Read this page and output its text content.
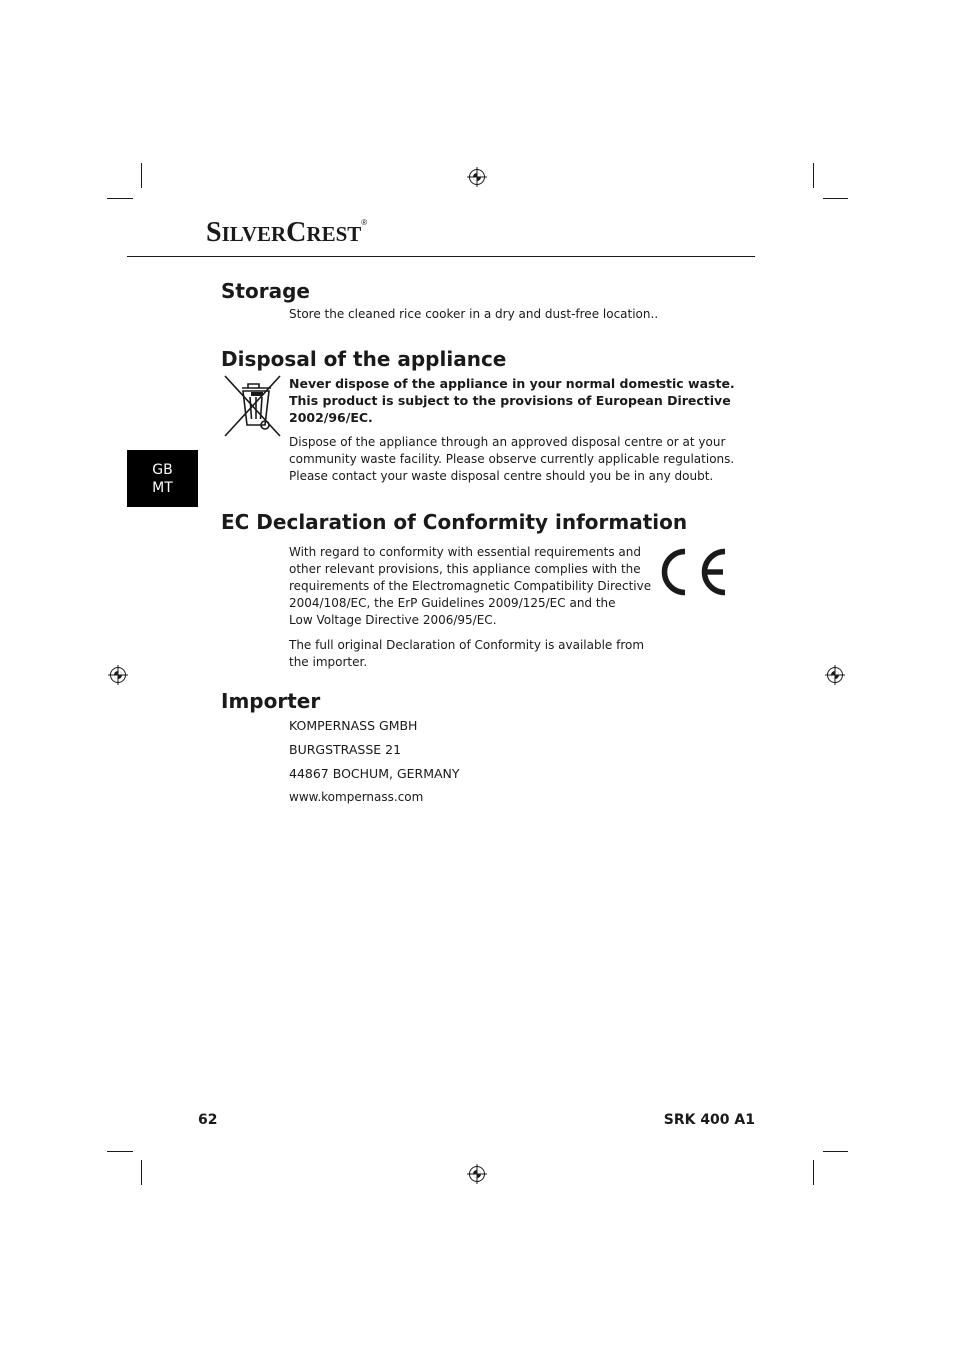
SILVERCREST®
GB
MT
Storage
Store the cleaned rice cooker in a dry and dust-free location..
Disposal of the appliance
Never dispose of the appliance in your normal domestic waste.
This product is subject to the provisions of European Directive
2002/96/EC.
Dispose of the appliance through an approved disposal centre or at your
community waste facility. Please observe currently applicable regulations.
Please contact your waste disposal centre should you be in any doubt.
EC Declaration of Conformity information
With regard to conformity with essential requirements and
other relevant provisions, this appliance complies with the
requirements of the Electromagnetic Compatibility Directive
2004/108/EC, the ErP Guidelines 2009/125/EC and the
Low Voltage Directive 2006/95/EC.
The full original Declaration of Conformity is available from
the importer.
Importer
KOMPERNASS GMBH
BURGSTRASSE 21
44867 BOCHUM, GERMANY
www.kompernass.com
62	SRK 400 A1
